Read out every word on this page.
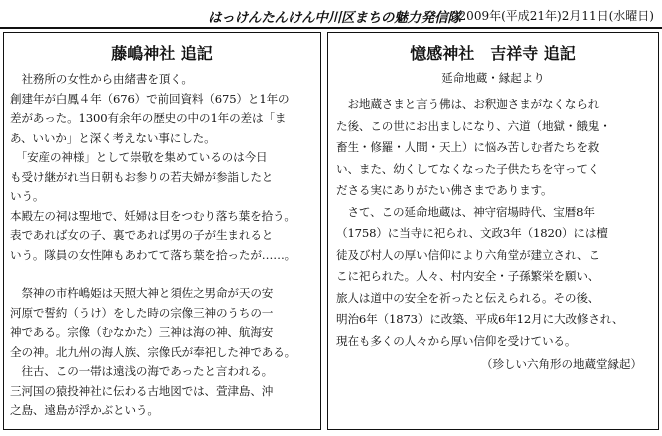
はっけんたんけん中川区まちの魅力発信隊
2009年(平成21年)2月11日(水曜日)
藤嶋神社 追記

　社務所の女性から由緒書を頂く。

創建年が白鳳４年（676）で前回資料（675）と1年の

差があった。1300有余年の歴史の中の1年の差は「ま

あ、いいか」と深く考えない事にした。

　「安産の神様」として崇敬を集めているのは今日

も受け継がれ当日朝もお参りの若夫婦が参詣したと

いう。

本殿左の祠は聖地で、妊婦は目をつむり落ち葉を拾う。

表であれば女の子、裏であれば男の子が生まれると

いう。隊員の女性陣もあわてて落ち葉を拾ったが……。

　祭神の市杵嶋姫は天照大神と須佐之男命が天の安

河原で誓約（うけ）をした時の宗像三神のうちの一

神である。宗像（むなかた）三神は海の神、航海安

全の神。北九州の海人族、宗像氏が奉祀した神である。

　往古、この一帯は遠浅の海であったと言われる。

三河国の猿投神社に伝わる古地図では、萱津島、沖

之島、遠島が浮かぶという。

憶感神社　吉祥寺 追記
延命地蔵・縁起より

　お地蔵さまと言う佛は、お釈迦さまがなくなられ

た後、この世にお出ましになり、六道（地獄・餓鬼・

畜生・修羅・人間・天上）に悩み苦しむ者たちを救

い、また、幼くしてなくなった子供たちを守ってく

ださる実にありがたい佛さまであります。

　さて、この延命地蔵は、神守宿場時代、宝暦8年

（1758）に当寺に祀られ、文政3年（1820）には檀

徒及び村人の厚い信仰により六角堂が建立され、こ

こに祀られた。人々、村内安全・子孫繁栄を願い、

旅人は道中の安全を祈ったと伝えられる。その後、

明治6年（1873）に改築、平成6年12月に大改修され、

現在も多くの人々から厚い信仰を受けている。

（珍しい六角形の地蔵堂縁起）
